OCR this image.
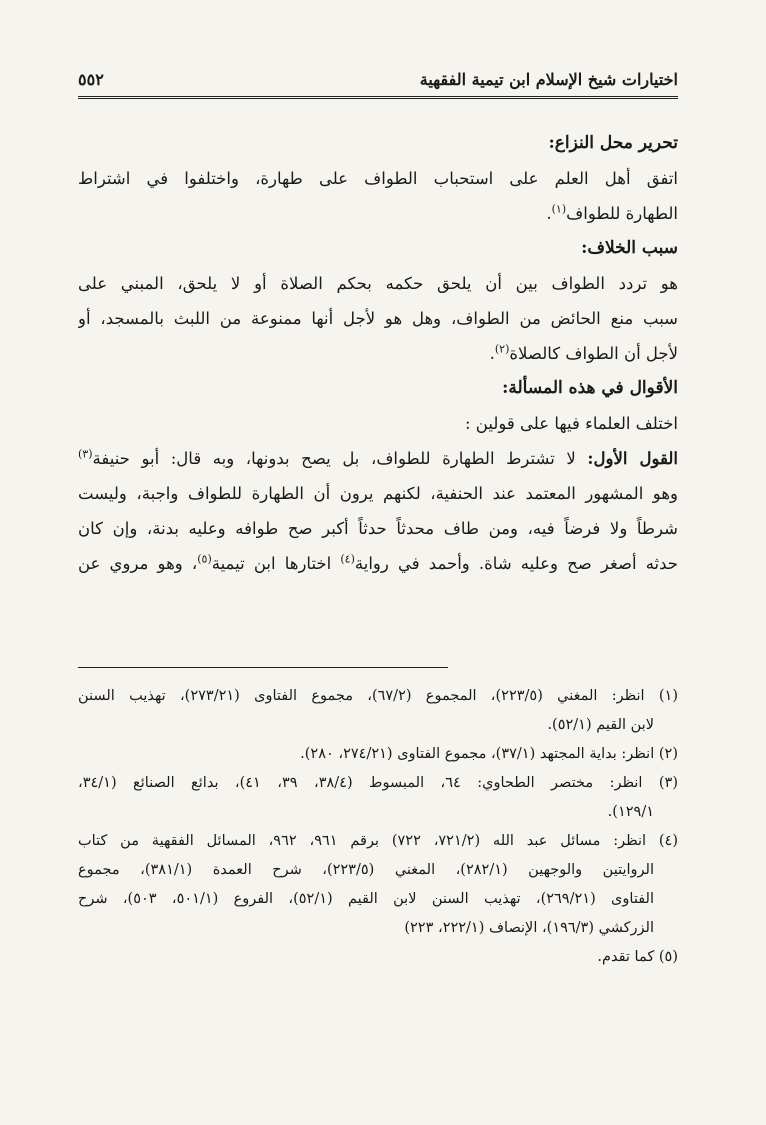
اختيارات شيخ الإسلام ابن تيمية الفقهية
٥٥٢
تحرير محل النزاع:
اتفق أهل العلم على استحباب الطواف على طهارة، واختلفوا في اشتراط
الطهارة للطواف$^{(١)}$.
سبب الخلاف:
هو تردد الطواف بين أن يلحق حكمه بحكم الصلاة أو لا يلحق، المبني على
سبب منع الحائض من الطواف، وهل هو لأجل أنها ممنوعة من اللبث بالمسجد، أو
لأجل أن الطواف كالصلاة$^{(٢)}$.
الأقوال في هذه المسألة:
اختلف العلماء فيها على قولين :
القول الأول: لا تشترط الطهارة للطواف، بل يصح بدونها، وبه قال: أبو حنيفة$^{(٣)}$
وهو المشهور المعتمد عند الحنفية، لكنهم يرون أن الطهارة للطواف واجبة، وليست
شرطاً ولا فرضاً فيه، ومن طاف محدثاً حدثاً أكبر صح طوافه وعليه بدنة، وإن كان
حدثه أصغر صح وعليه شاة. وأحمد في رواية$^{(٤)}$ اختارها ابن تيمية$^{(٥)}$، وهو مروي عن
(١) انظر: المغني (٢٢٣/٥)، المجموع (٦٧/٢)، مجموع الفتاوى (٢٧٣/٢١)، تهذيب السنن
لابن القيم (٥٢/١).
(٢) انظر: بداية المجتهد (٣٧/١)، مجموع الفتاوى (٢٧٤/٢١، ٢٨٠).
(٣) انظر: مختصر الطحاوي: ٦٤، المبسوط (٣٨/٤، ٣٩، ٤١)، بدائع الصنائع (٣٤/١،
١٢٩/١).
(٤) انظر: مسائل عبد الله (٧٢١/٢، ٧٢٢) برقم ٩٦١، ٩٦٢، المسائل الفقهية من كتاب
الروايتين والوجهين (٢٨٢/١)، المغني (٢٢٣/٥)، شرح العمدة (٣٨١/١)، مجموع
الفتاوى (٢٦٩/٢١)، تهذيب السنن لابن القيم (٥٢/١)، الفروع (٥٠١/١، ٥٠٣)، شرح
الزركشي (١٩٦/٣)، الإنصاف (٢٢٢/١، ٢٢٣)
(٥) كما تقدم.
